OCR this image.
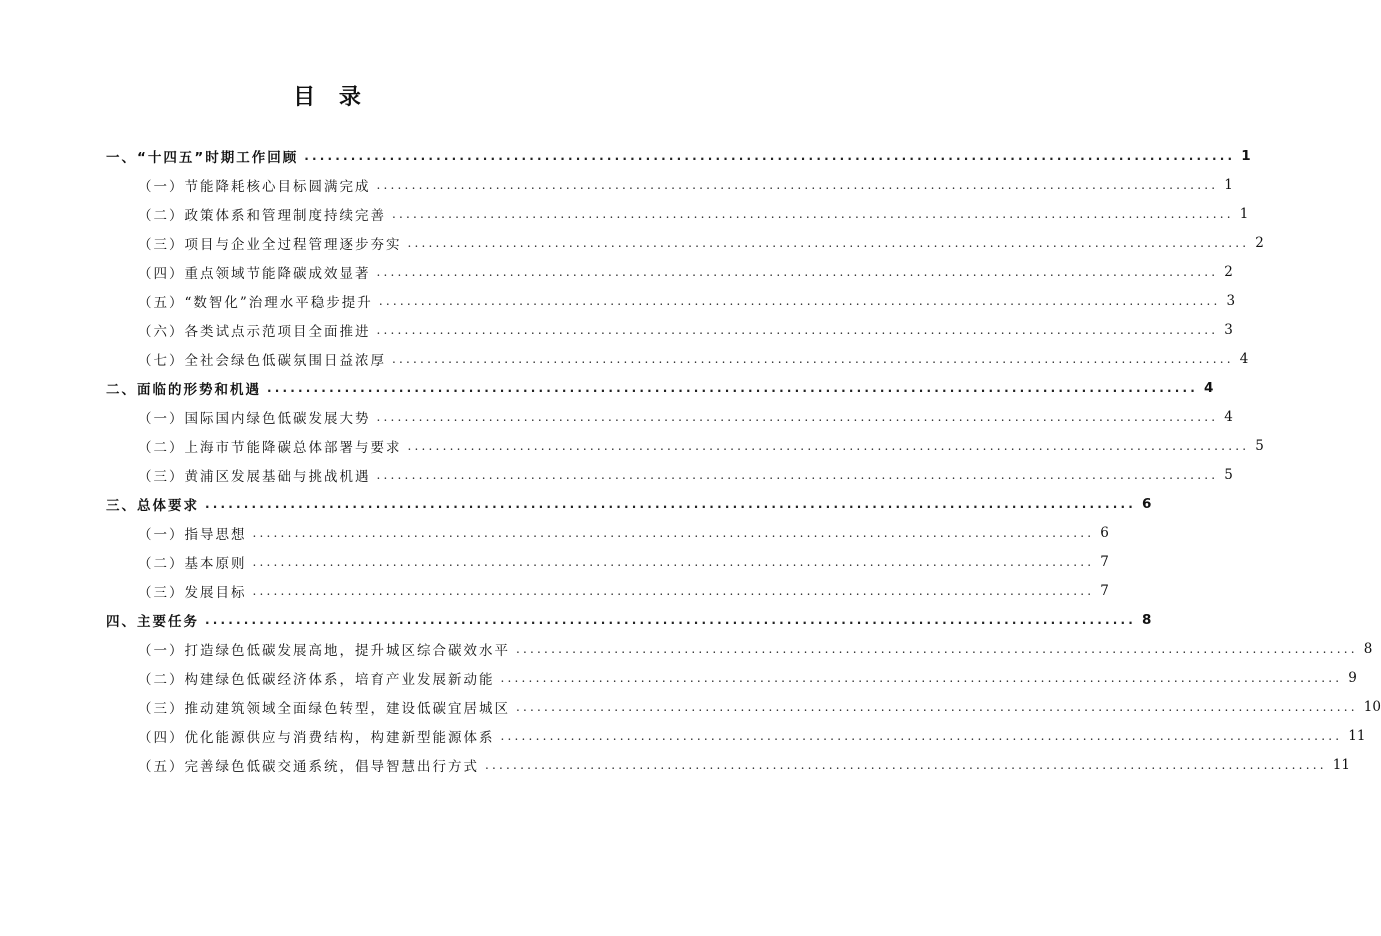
目 录
一、“十四五”时期工作回顾 ........................................................................................................................ 1
（一）节能降耗核心目标圆满完成 ........................................................................................................................ 1
（二）政策体系和管理制度持续完善 ........................................................................................................................ 1
（三）项目与企业全过程管理逐步夯实 ........................................................................................................................ 2
（四）重点领域节能降碳成效显著 ........................................................................................................................ 2
（五）“数智化”治理水平稳步提升 ........................................................................................................................ 3
（六）各类试点示范项目全面推进 ........................................................................................................................ 3
（七）全社会绿色低碳氛围日益浓厚 ........................................................................................................................ 4
二、面临的形势和机遇 ........................................................................................................................ 4
（一）国际国内绿色低碳发展大势 ........................................................................................................................ 4
（二）上海市节能降碳总体部署与要求 ........................................................................................................................ 5
（三）黄浦区发展基础与挑战机遇 ........................................................................................................................ 5
三、总体要求 ........................................................................................................................ 6
（一）指导思想 ........................................................................................................................ 6
（二）基本原则 ........................................................................................................................ 7
（三）发展目标 ........................................................................................................................ 7
四、主要任务 ........................................................................................................................ 8
（一）打造绿色低碳发展高地，提升城区综合碳效水平 ........................................................................................................................ 8
（二）构建绿色低碳经济体系，培育产业发展新动能 ........................................................................................................................ 9
（三）推动建筑领域全面绿色转型，建设低碳宜居城区 ........................................................................................................................ 10
（四）优化能源供应与消费结构，构建新型能源体系 ........................................................................................................................ 11
（五）完善绿色低碳交通系统，倡导智慧出行方式 ........................................................................................................................ 11
